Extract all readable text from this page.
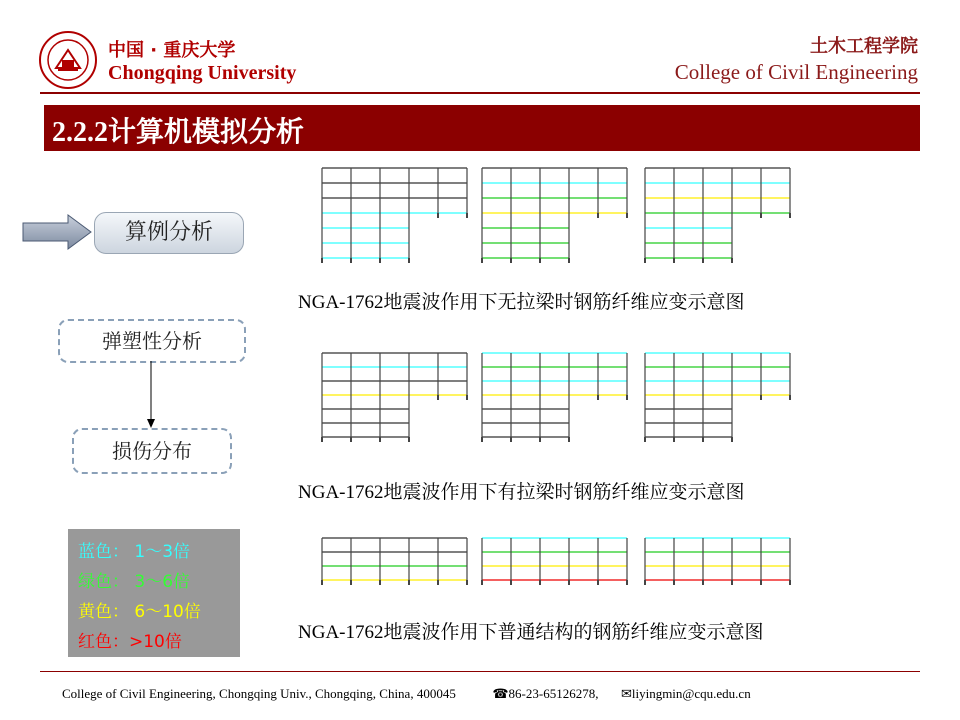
中国 · 重庆大学
Chongqing University
土木工程学院
College of Civil Engineering
2.2.2计算机模拟分析
算例分析
弹塑性分析
损伤分布
蓝色： 1～3倍
绿色： 3～6倍
黄色： 6～10倍
红色：>10倍
NGA-1762地震波作用下无拉梁时钢筋纤维应变示意图
NGA-1762地震波作用下有拉梁时钢筋纤维应变示意图
NGA-1762地震波作用下普通结构的钢筋纤维应变示意图
College of Civil Engineering, Chongqing Univ., Chongqing, China, 400045	☎86-23-65126278, ✉liyingmin@cqu.edu.cn
